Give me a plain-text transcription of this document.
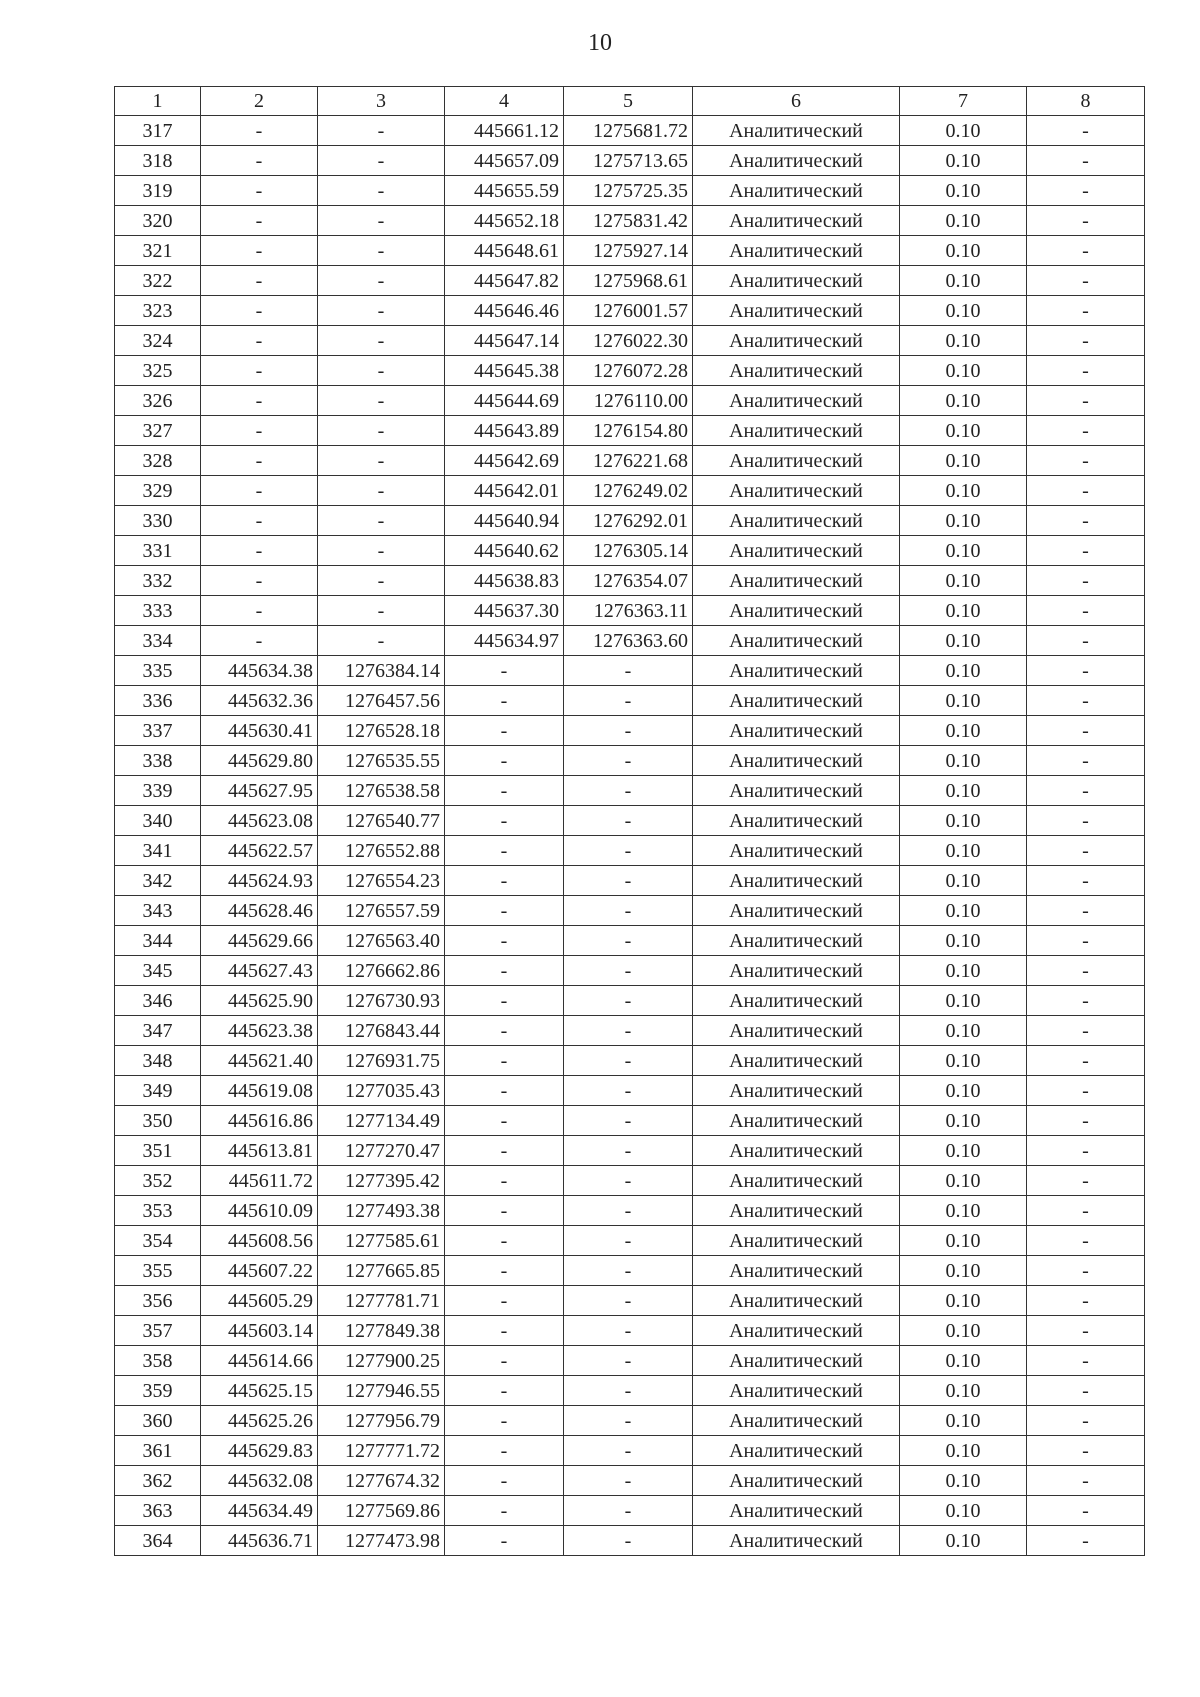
10
1	2	3	4	5	6	7	8
317	-	-	445661.12	1275681.72	Аналитический	0.10	-
318	-	-	445657.09	1275713.65	Аналитический	0.10	-
319	-	-	445655.59	1275725.35	Аналитический	0.10	-
320	-	-	445652.18	1275831.42	Аналитический	0.10	-
321	-	-	445648.61	1275927.14	Аналитический	0.10	-
322	-	-	445647.82	1275968.61	Аналитический	0.10	-
323	-	-	445646.46	1276001.57	Аналитический	0.10	-
324	-	-	445647.14	1276022.30	Аналитический	0.10	-
325	-	-	445645.38	1276072.28	Аналитический	0.10	-
326	-	-	445644.69	1276110.00	Аналитический	0.10	-
327	-	-	445643.89	1276154.80	Аналитический	0.10	-
328	-	-	445642.69	1276221.68	Аналитический	0.10	-
329	-	-	445642.01	1276249.02	Аналитический	0.10	-
330	-	-	445640.94	1276292.01	Аналитический	0.10	-
331	-	-	445640.62	1276305.14	Аналитический	0.10	-
332	-	-	445638.83	1276354.07	Аналитический	0.10	-
333	-	-	445637.30	1276363.11	Аналитический	0.10	-
334	-	-	445634.97	1276363.60	Аналитический	0.10	-
335	445634.38	1276384.14	-	-	Аналитический	0.10	-
336	445632.36	1276457.56	-	-	Аналитический	0.10	-
337	445630.41	1276528.18	-	-	Аналитический	0.10	-
338	445629.80	1276535.55	-	-	Аналитический	0.10	-
339	445627.95	1276538.58	-	-	Аналитический	0.10	-
340	445623.08	1276540.77	-	-	Аналитический	0.10	-
341	445622.57	1276552.88	-	-	Аналитический	0.10	-
342	445624.93	1276554.23	-	-	Аналитический	0.10	-
343	445628.46	1276557.59	-	-	Аналитический	0.10	-
344	445629.66	1276563.40	-	-	Аналитический	0.10	-
345	445627.43	1276662.86	-	-	Аналитический	0.10	-
346	445625.90	1276730.93	-	-	Аналитический	0.10	-
347	445623.38	1276843.44	-	-	Аналитический	0.10	-
348	445621.40	1276931.75	-	-	Аналитический	0.10	-
349	445619.08	1277035.43	-	-	Аналитический	0.10	-
350	445616.86	1277134.49	-	-	Аналитический	0.10	-
351	445613.81	1277270.47	-	-	Аналитический	0.10	-
352	445611.72	1277395.42	-	-	Аналитический	0.10	-
353	445610.09	1277493.38	-	-	Аналитический	0.10	-
354	445608.56	1277585.61	-	-	Аналитический	0.10	-
355	445607.22	1277665.85	-	-	Аналитический	0.10	-
356	445605.29	1277781.71	-	-	Аналитический	0.10	-
357	445603.14	1277849.38	-	-	Аналитический	0.10	-
358	445614.66	1277900.25	-	-	Аналитический	0.10	-
359	445625.15	1277946.55	-	-	Аналитический	0.10	-
360	445625.26	1277956.79	-	-	Аналитический	0.10	-
361	445629.83	1277771.72	-	-	Аналитический	0.10	-
362	445632.08	1277674.32	-	-	Аналитический	0.10	-
363	445634.49	1277569.86	-	-	Аналитический	0.10	-
364	445636.71	1277473.98	-	-	Аналитический	0.10	-
